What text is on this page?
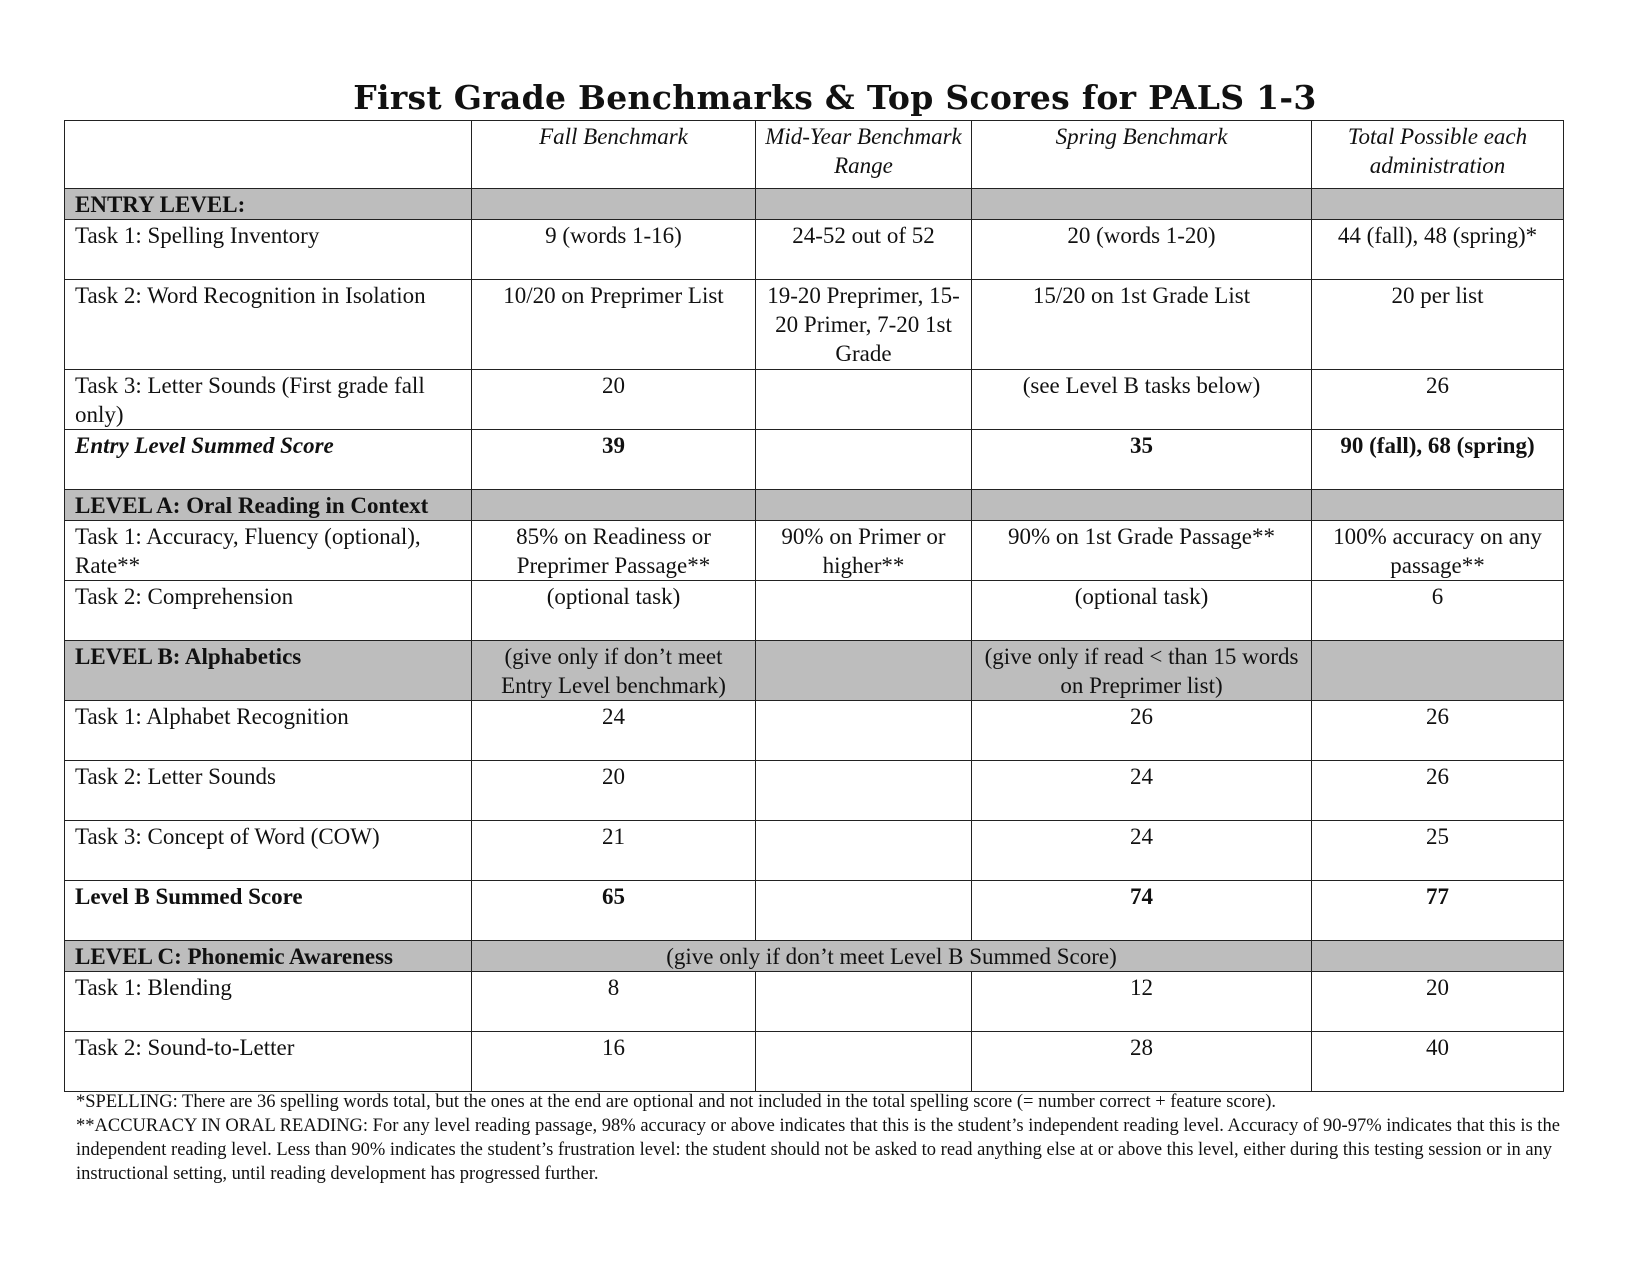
First Grade Benchmarks & Top Scores for PALS 1-3
	Fall Benchmark	Mid-Year Benchmark Range	Spring Benchmark	Total Possible each administration
ENTRY LEVEL:				
Task 1: Spelling Inventory	9 (words 1-16)	24-52 out of 52	20 (words 1-20)	44 (fall), 48 (spring)*
Task 2: Word Recognition in Isolation	10/20 on Preprimer List	19-20 Preprimer, 15-20 Primer, 7-20 1st Grade	15/20 on 1st Grade List	20 per list
Task 3: Letter Sounds (First grade fall only)	20		(see Level B tasks below)	26
Entry Level Summed Score	39		35	90 (fall), 68 (spring)
LEVEL A: Oral Reading in Context				
Task 1: Accuracy, Fluency (optional), Rate**	85% on Readiness or Preprimer Passage**	90% on Primer or higher**	90% on 1st Grade Passage**	100% accuracy on any passage**
Task 2: Comprehension	(optional task)		(optional task)	6
LEVEL B: Alphabetics	(give only if don’t meet Entry Level benchmark)		(give only if read < than 15 words on Preprimer list)	
Task 1: Alphabet Recognition	24		26	26
Task 2: Letter Sounds	20		24	26
Task 3: Concept of Word (COW)	21		24	25
Level B Summed Score	65		74	77
LEVEL C: Phonemic Awareness	(give only if don’t meet Level B Summed Score)			
Task 1: Blending	8		12	20
Task 2: Sound-to-Letter	16		28	40

*SPELLING: There are 36 spelling words total, but the ones at the end are optional and not included in the total spelling score (= number correct + feature score).

**ACCURACY IN ORAL READING: For any level reading passage, 98% accuracy or above indicates that this is the student’s independent reading level. Accuracy of 90-97% indicates that this is the independent reading level. Less than 90% indicates the student’s frustration level: the student should not be asked to read anything else at or above this level, either during this testing session or in any instructional setting, until reading development has progressed further.
